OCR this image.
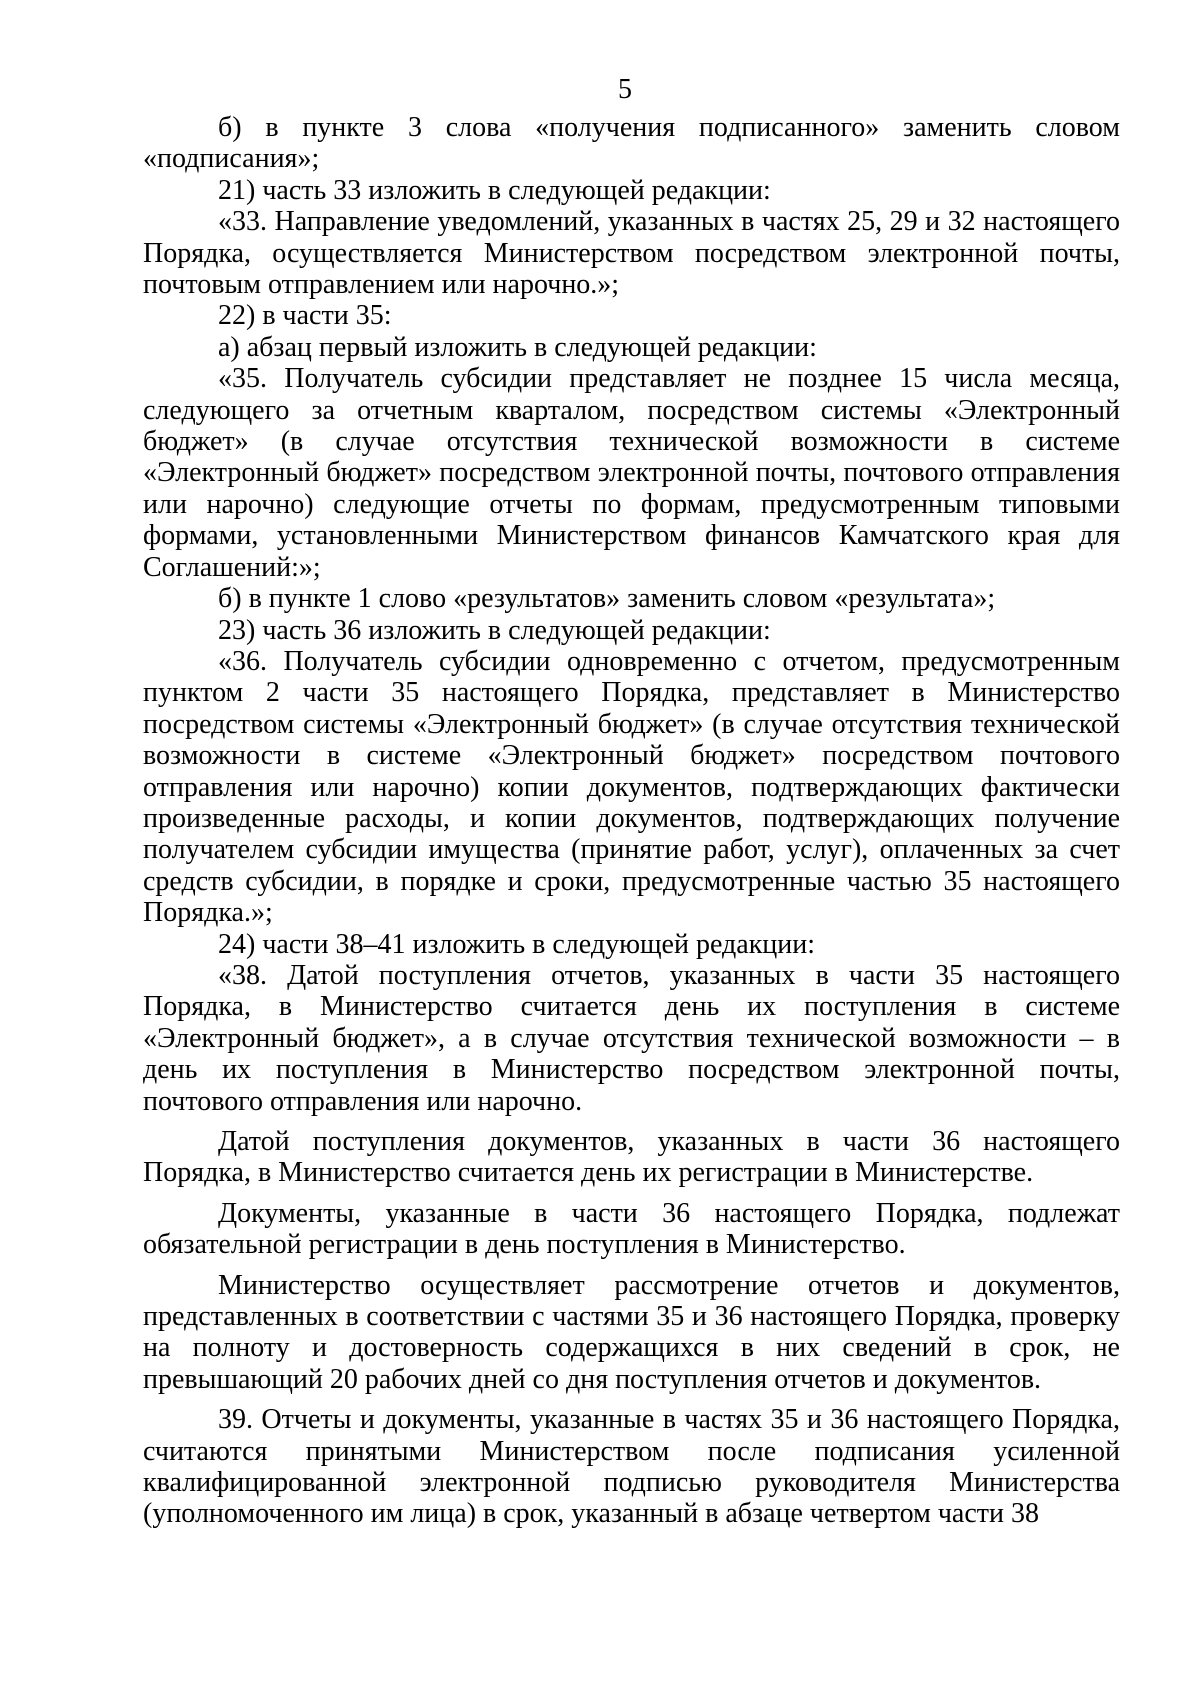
5

б) в пункте 3 слова «получения подписанного» заменить словом «подписания»;

21) часть 33 изложить в следующей редакции:

«33. Направление уведомлений, указанных в частях 25, 29 и 32 настоящего Порядка, осуществляется Министерством посредством электронной почты, почтовым отправлением или нарочно.»;

22) в части 35:

а) абзац первый изложить в следующей редакции:

«35. Получатель субсидии представляет не позднее 15 числа месяца, следующего за отчетным кварталом, посредством системы «Электронный бюджет» (в случае отсутствия технической возможности в системе «Электронный бюджет» посредством электронной почты, почтового отправления или нарочно) следующие отчеты по формам, предусмотренным типовыми формами, установленными Министерством финансов Камчатского края для Соглашений:»;

б) в пункте 1 слово «результатов» заменить словом «результата»;

23) часть 36 изложить в следующей редакции:

«36. Получатель субсидии одновременно с отчетом, предусмотренным пунктом 2 части 35 настоящего Порядка, представляет в Министерство посредством системы «Электронный бюджет» (в случае отсутствия технической возможности в системе «Электронный бюджет» посредством почтового отправления или нарочно) копии документов, подтверждающих фактически произведенные расходы, и копии документов, подтверждающих получение получателем субсидии имущества (принятие работ, услуг), оплаченных за счет средств субсидии, в порядке и сроки, предусмотренные частью 35 настоящего Порядка.»;

24) части 38–41 изложить в следующей редакции:

«38. Датой поступления отчетов, указанных в части 35 настоящего Порядка, в Министерство считается день их поступления в системе «Электронный бюджет», а в случае отсутствия технической возможности – в день их поступления в Министерство посредством электронной почты, почтового отправления или нарочно.

Датой поступления документов, указанных в части 36 настоящего Порядка, в Министерство считается день их регистрации в Министерстве.

Документы, указанные в части 36 настоящего Порядка, подлежат обязательной регистрации в день поступления в Министерство.

Министерство осуществляет рассмотрение отчетов и документов, представленных в соответствии с частями 35 и 36 настоящего Порядка, проверку на полноту и достоверность содержащихся в них сведений в срок, не превышающий 20 рабочих дней со дня поступления отчетов и документов.

39. Отчеты и документы, указанные в частях 35 и 36 настоящего Порядка, считаются принятыми Министерством после подписания усиленной квалифицированной электронной подписью руководителя Министерства (уполномоченного им лица) в срок, указанный в абзаце четвертом части 38
